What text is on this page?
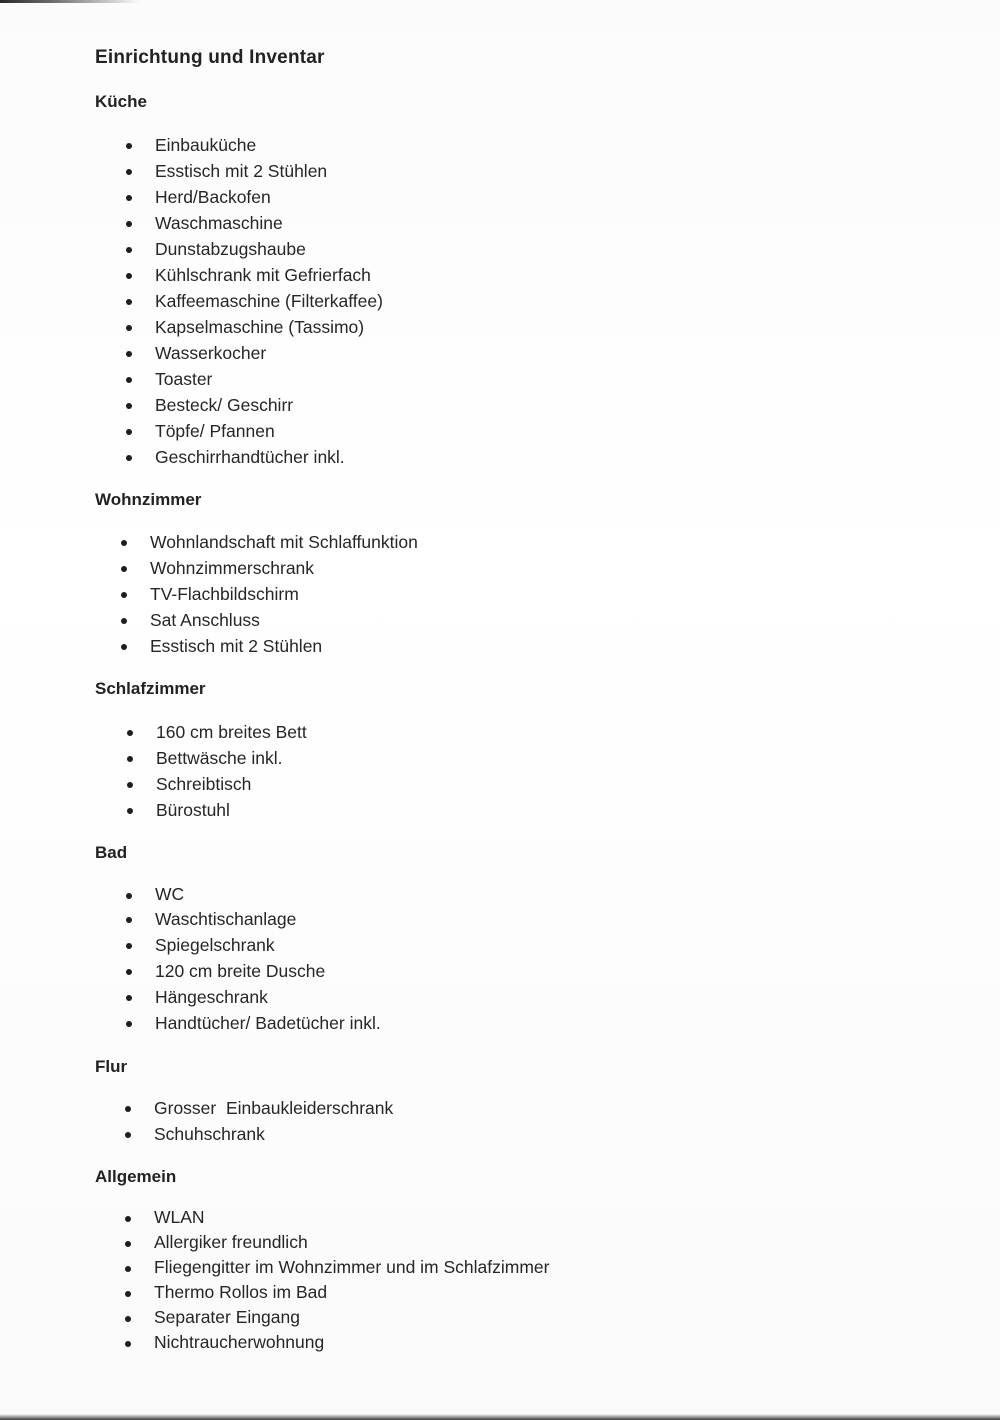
Einrichtung und Inventar
Küche
Einbauküche
Esstisch mit 2 Stühlen
Herd/Backofen
Waschmaschine
Dunstabzugshaube
Kühlschrank mit Gefrierfach
Kaffeemaschine (Filterkaffee)
Kapselmaschine (Tassimo)
Wasserkocher
Toaster
Besteck/ Geschirr
Töpfe/ Pfannen
Geschirrhandtücher inkl.
Wohnzimmer
Wohnlandschaft mit Schlaffunktion
Wohnzimmerschrank
TV-Flachbildschirm
Sat Anschluss
Esstisch mit 2 Stühlen
Schlafzimmer
160 cm breites Bett
Bettwäsche inkl.
Schreibtisch
Bürostuhl
Bad
WC
Waschtischanlage
Spiegelschrank
120 cm breite Dusche
Hängeschrank
Handtücher/ Badetücher inkl.
Flur
Grosser  Einbaukleiderschrank
Schuhschrank
Allgemein
WLAN
Allergiker freundlich
Fliegengitter im Wohnzimmer und im Schlafzimmer
Thermo Rollos im Bad
Separater Eingang
Nichtraucherwohnung
